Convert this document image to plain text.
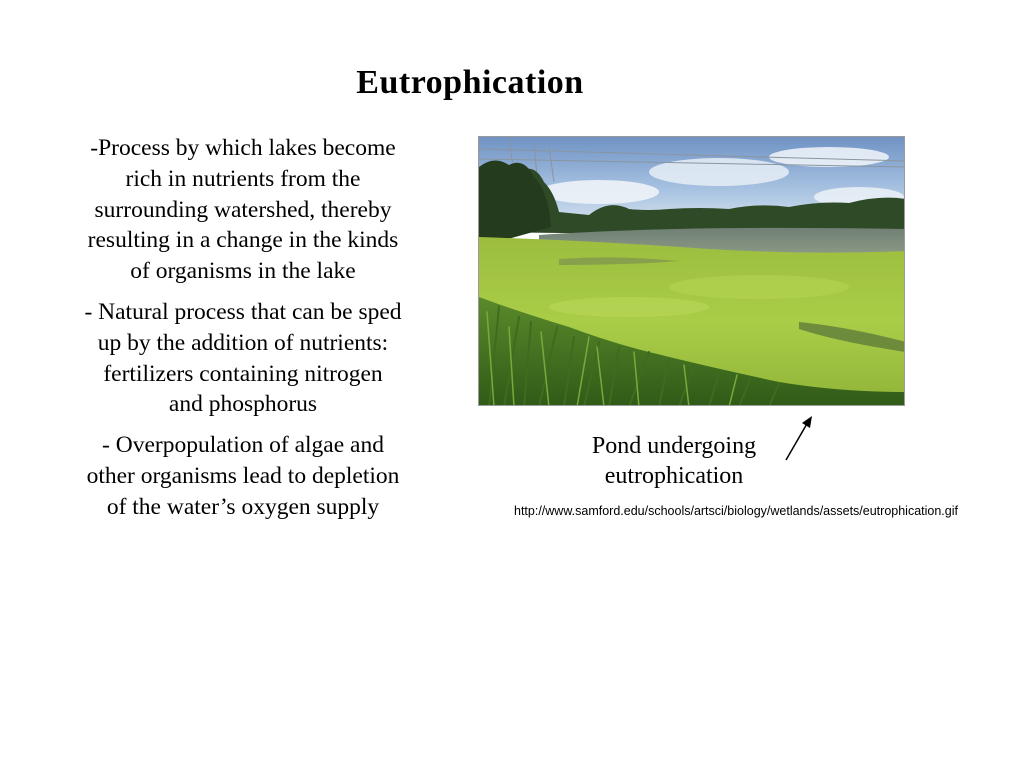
Eutrophication

-Process by which lakes become rich in nutrients from the surrounding watershed, thereby resulting in a change in the kinds of organisms in the lake

- Natural process that can be sped up by the addition of nutrients: fertilizers containing nitrogen and phosphorus

- Overpopulation of algae and other organisms lead to depletion of the water’s oxygen supply

Pond undergoing eutrophication
http://www.samford.edu/schools/artsci/biology/wetlands/assets/eutrophication.gif
